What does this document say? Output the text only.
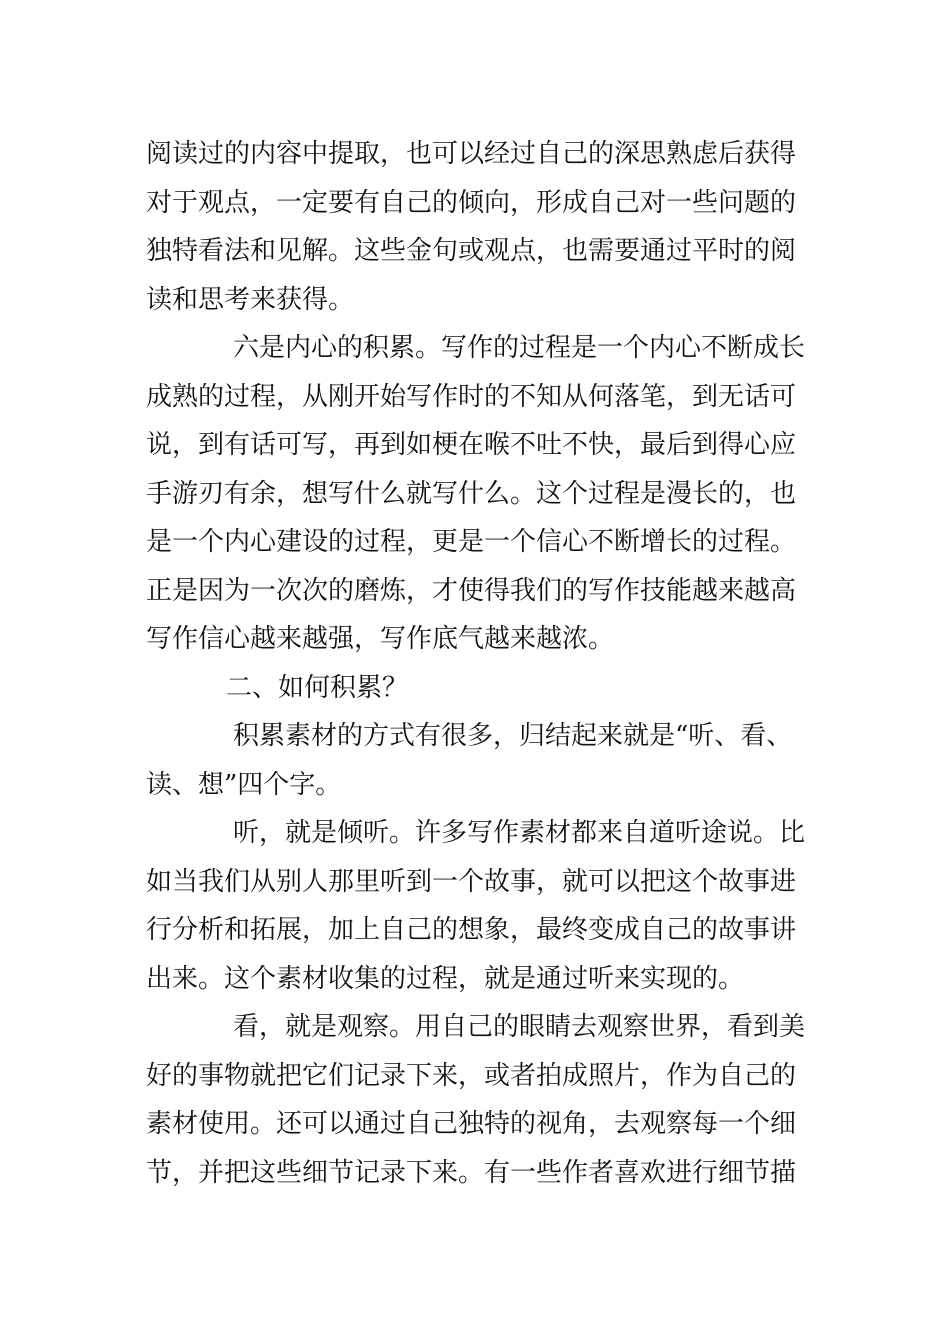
阅读过的内容中提取，也可以经过自己的深思熟虑后获得

对于观点，一定要有自己的倾向，形成自己对一些问题的

独特看法和见解。这些金句或观点，也需要通过平时的阅

读和思考来获得。

六是内心的积累。写作的过程是一个内心不断成长

成熟的过程，从刚开始写作时的不知从何落笔，到无话可

说，到有话可写，再到如梗在喉不吐不快，最后到得心应

手游刃有余，想写什么就写什么。这个过程是漫长的，也

是一个内心建设的过程，更是一个信心不断增长的过程。

正是因为一次次的磨炼，才使得我们的写作技能越来越高

写作信心越来越强，写作底气越来越浓。

二、如何积累？

积累素材的方式有很多，归结起来就是“听、看、

读、想”四个字。

听，就是倾听。许多写作素材都来自道听途说。比

如当我们从别人那里听到一个故事，就可以把这个故事进

行分析和拓展，加上自己的想象，最终变成自己的故事讲

出来。这个素材收集的过程，就是通过听来实现的。

看，就是观察。用自己的眼睛去观察世界，看到美

好的事物就把它们记录下来，或者拍成照片，作为自己的

素材使用。还可以通过自己独特的视角，去观察每一个细

节，并把这些细节记录下来。有一些作者喜欢进行细节描
